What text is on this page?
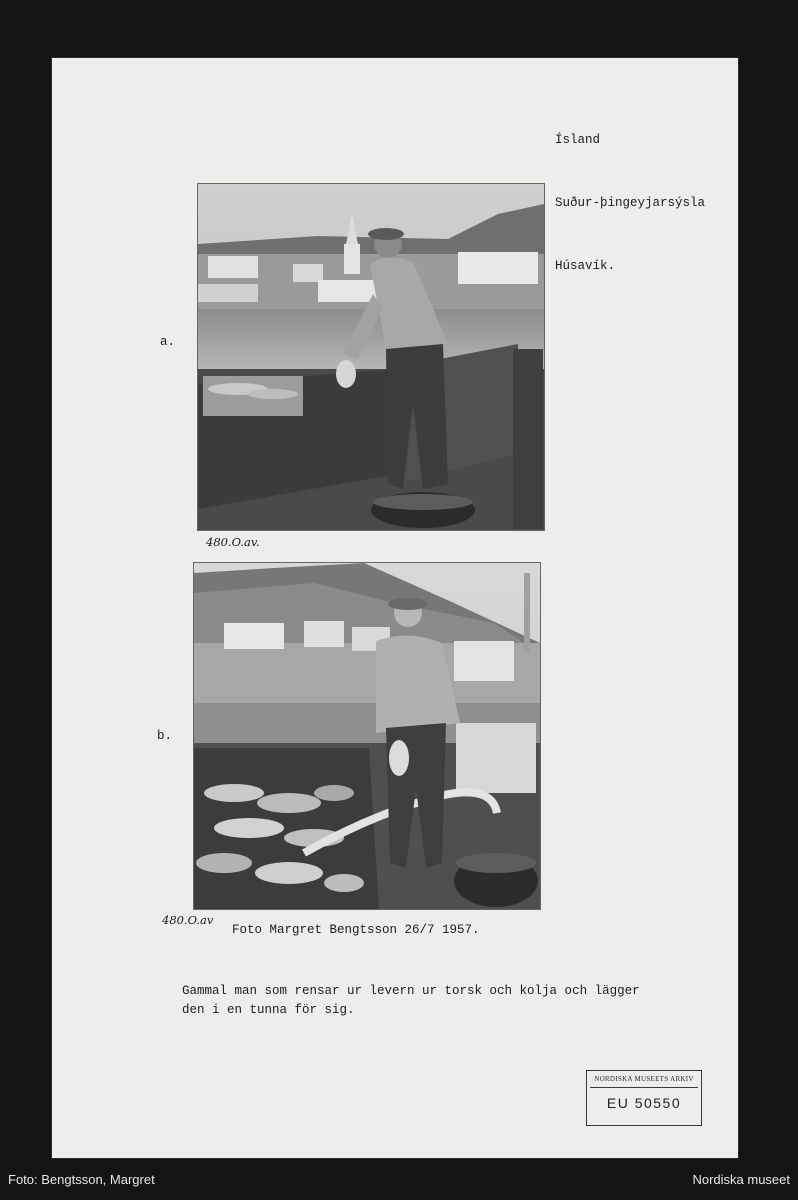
Ísland

Suður-þingeyjarsýsla

Húsavík.

a.
480.O.av.
b.
480.O.av
Foto Margret Bengtsson 26/7 1957.
Gammal man som rensar ur levern ur torsk och kolja och lägger
den i en tunna för sig.
NORDISKA MUSEETS ARKIV
EU 50550
Foto: Bengtsson, Margret	Nordiska museet
